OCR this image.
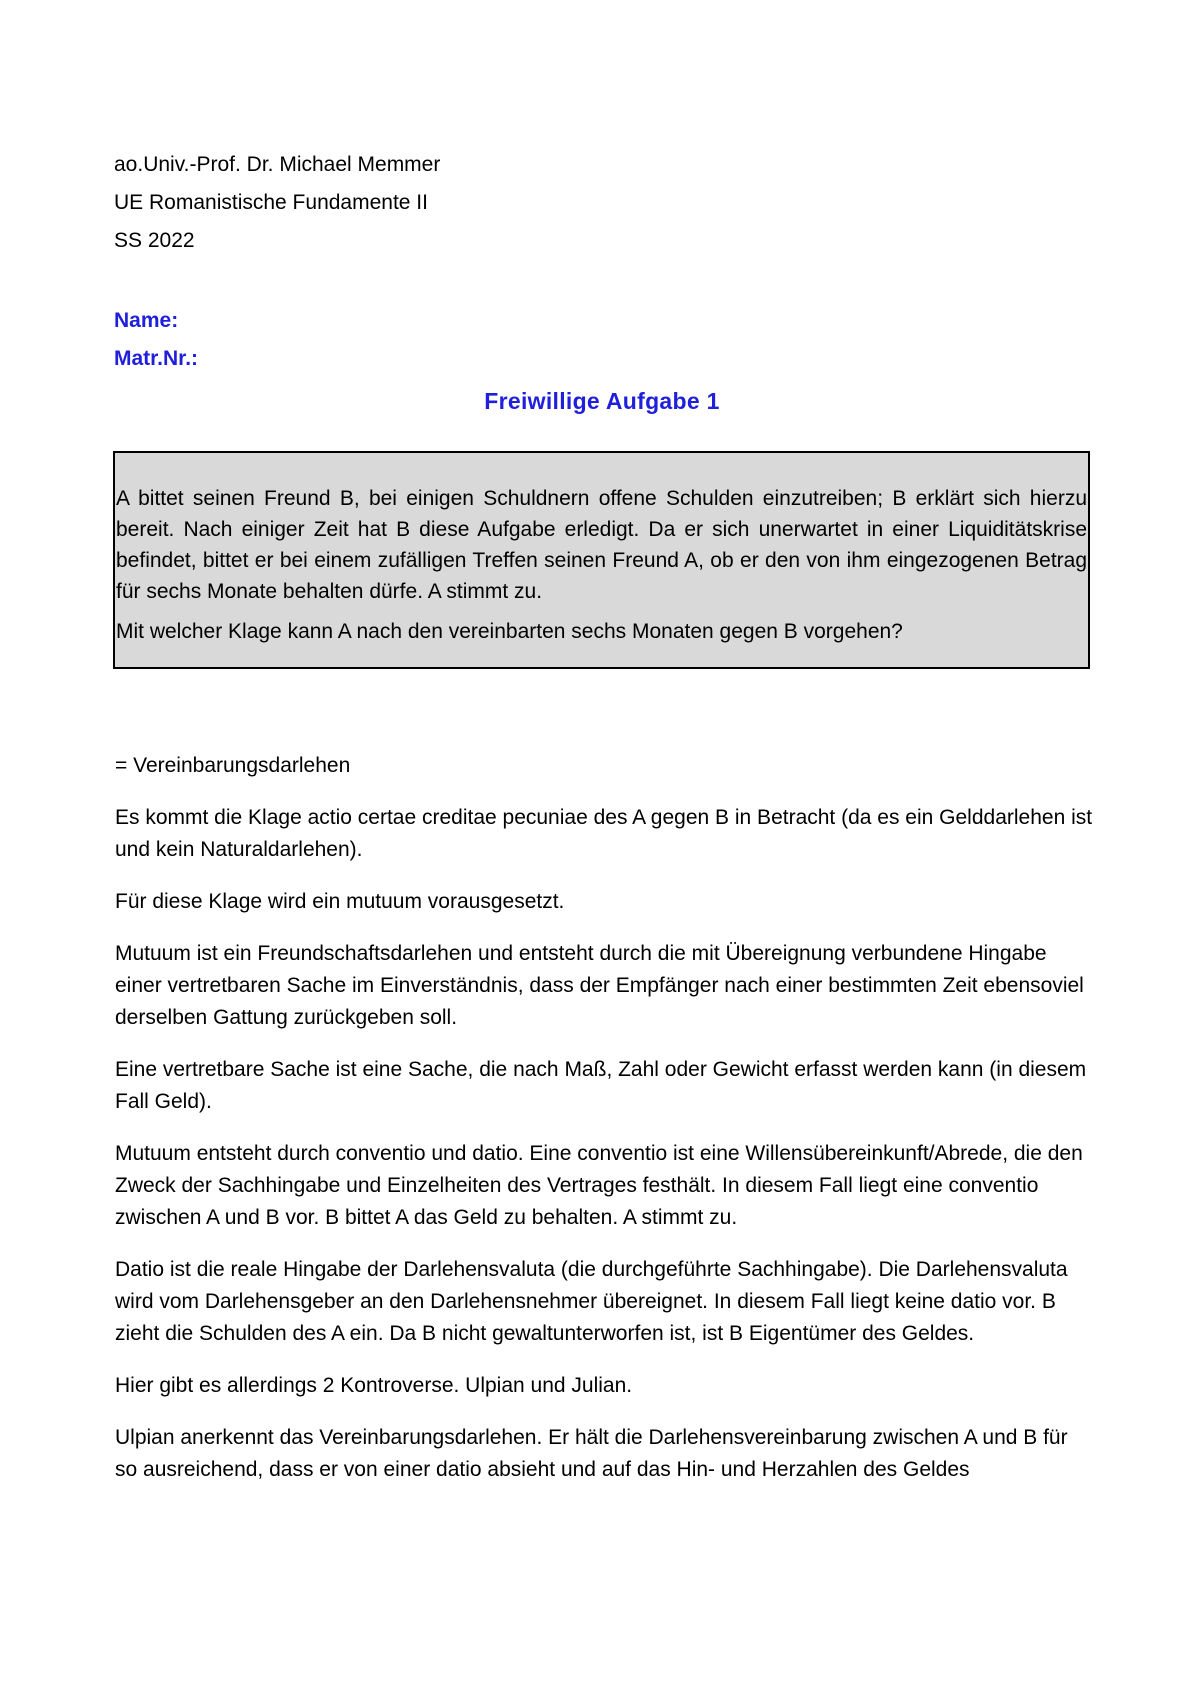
ao.Univ.-Prof. Dr. Michael Memmer
UE Romanistische Fundamente II
SS 2022
Name:
Matr.Nr.:
Freiwillige Aufgabe 1

A bittet seinen Freund B, bei einigen Schuldnern offene Schulden einzutreiben; B erklärt sich hierzu bereit. Nach einiger Zeit hat B diese Aufgabe erledigt. Da er sich unerwartet in einer Liquiditätskrise befindet, bittet er bei einem zufälligen Treffen seinen Freund A, ob er den von ihm eingezogenen Betrag für sechs Monate behalten dürfe. A stimmt zu.

Mit welcher Klage kann A nach den vereinbarten sechs Monaten gegen B vorgehen?

= Vereinbarungsdarlehen

Es kommt die Klage actio certae creditae pecuniae des A gegen B in Betracht (da es ein Gelddarlehen ist und kein Naturaldarlehen).

Für diese Klage wird ein mutuum vorausgesetzt.

Mutuum ist ein Freundschaftsdarlehen und entsteht durch die mit Übereignung verbundene Hingabe einer vertretbaren Sache im Einverständnis, dass der Empfänger nach einer bestimmten Zeit ebensoviel derselben Gattung zurückgeben soll.

Eine vertretbare Sache ist eine Sache, die nach Maß, Zahl oder Gewicht erfasst werden kann (in diesem Fall Geld).

Mutuum entsteht durch conventio und datio. Eine conventio ist eine Willensübereinkunft/Abrede, die den Zweck der Sachhingabe und Einzelheiten des Vertrages festhält. In diesem Fall liegt eine conventio zwischen A und B vor. B bittet A das Geld zu behalten. A stimmt zu.

Datio ist die reale Hingabe der Darlehensvaluta (die durchgeführte Sachhingabe). Die Darlehensvaluta wird vom Darlehensgeber an den Darlehensnehmer übereignet. In diesem Fall liegt keine datio vor. B zieht die Schulden des A ein. Da B nicht gewaltunterworfen ist, ist B Eigentümer des Geldes.

Hier gibt es allerdings 2 Kontroverse. Ulpian und Julian.

Ulpian anerkennt das Vereinbarungsdarlehen. Er hält die Darlehensvereinbarung zwischen A und B für so ausreichend, dass er von einer datio absieht und auf das Hin- und Herzahlen des Geldes
